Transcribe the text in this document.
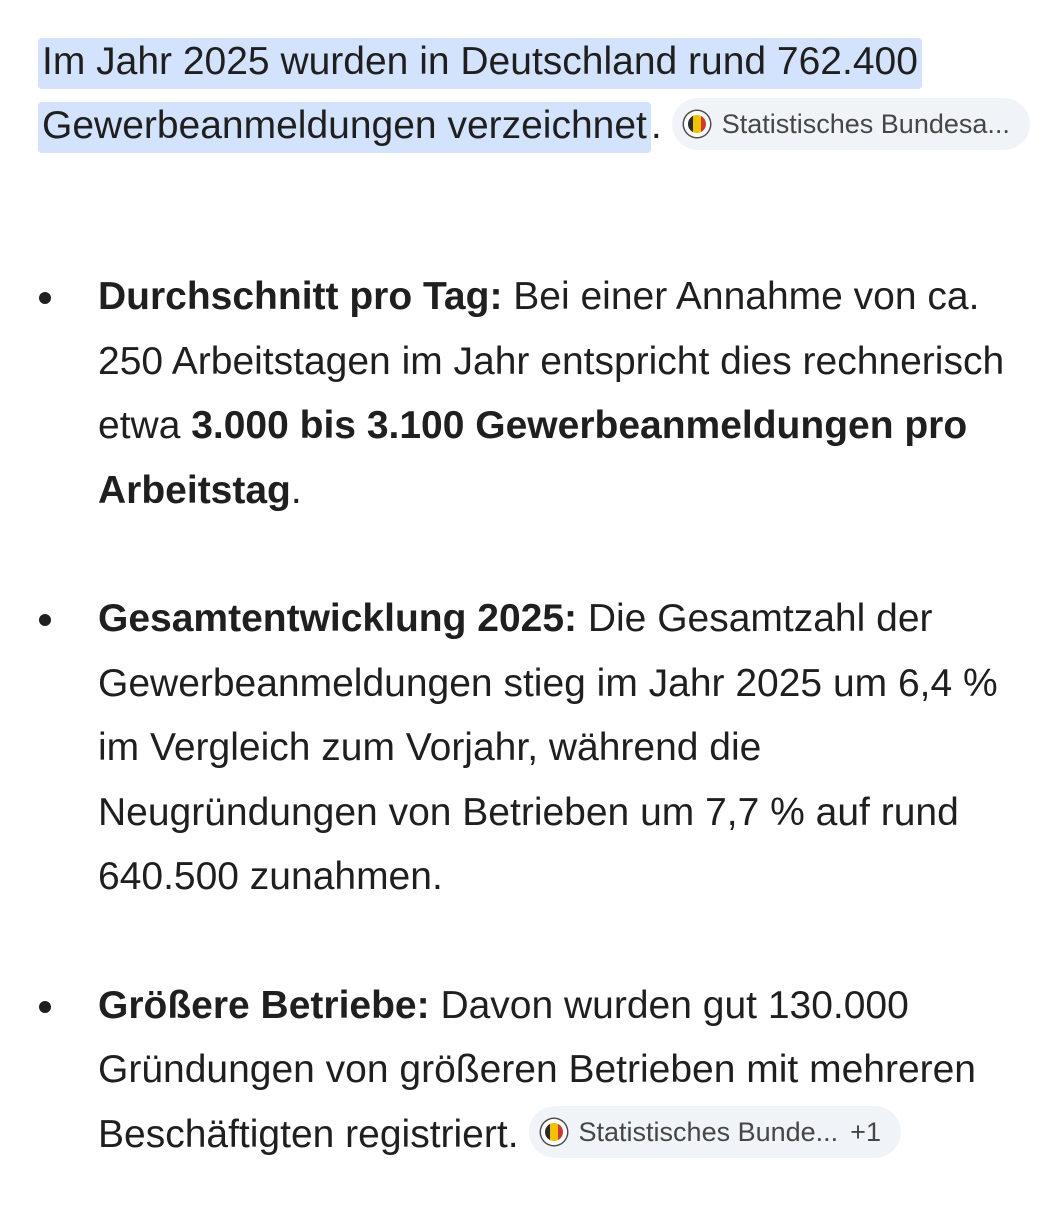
Im Jahr 2025 wurden in Deutschland rund 762.400 Gewerbeanmeldungen verzeichnet . Statistisches Bundesa...
Durchschnitt pro Tag: Bei einer Annahme von ca. 250 Arbeitstagen im Jahr entspricht dies rechnerisch etwa 3.000 bis 3.100 Gewerbeanmeldungen pro Arbeitstag.
Gesamtentwicklung 2025: Die Gesamtzahl der Gewerbeanmeldungen stieg im Jahr 2025 um 6,4 % im Vergleich zum Vorjahr, während die Neugründungen von Betrieben um 7,7 % auf rund 640.500 zunahmen.
Größere Betriebe: Davon wurden gut 130.000 Gründungen von größeren Betrieben mit mehreren Beschäftigten registriert. Statistisches Bunde... +1
